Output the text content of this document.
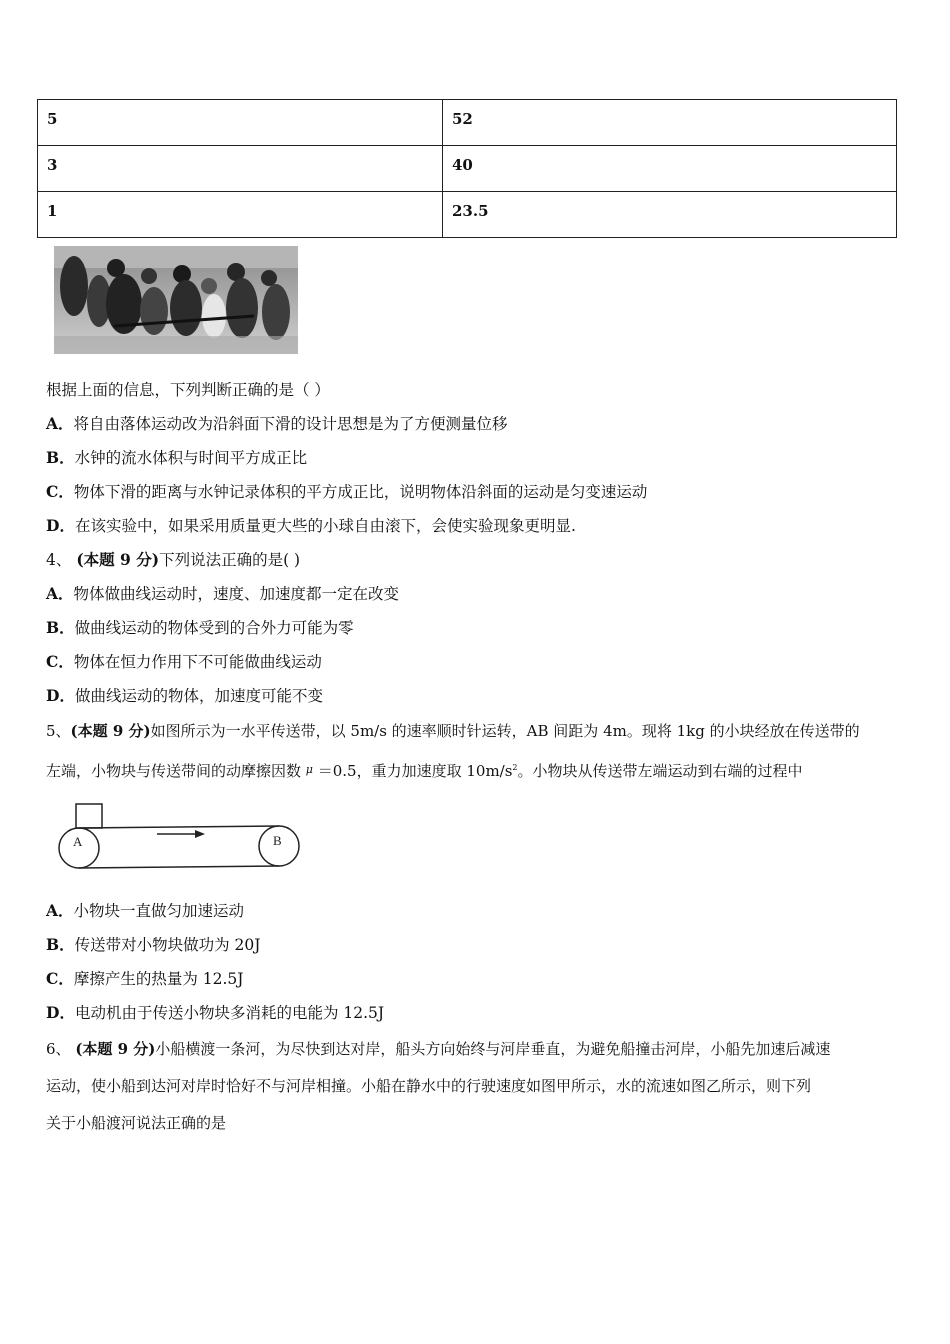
5	52
3	40
1	23.5
根据上面的信息，下列判断正确的是（ ）
A．将自由落体运动改为沿斜面下滑的设计思想是为了方便测量位移
B．水钟的流水体积与时间平方成正比
C．物体下滑的距离与水钟记录体积的平方成正比，说明物体沿斜面的运动是匀变速运动
D．在该实验中，如果采用质量更大些的小球自由滚下，会使实验现象更明显.
4、 (本题 9 分)下列说法正确的是( )
A．物体做曲线运动时，速度、加速度都一定在改变
B．做曲线运动的物体受到的合外力可能为零
C．物体在恒力作用下不可能做曲线运动
D．做曲线运动的物体，加速度可能不变
5、(本题 9 分)如图所示为一水平传送带，以 5m/s 的速率顺时针运转，AB 间距为 4m。现将 1kg 的小块经放在传送带的
左端，小物块与传送带间的动摩擦因数 $^\mu$ ＝0.5，重力加速度取 $10m/s^2$。小物块从传送带左端运动到右端的过程中
A	B
A．小物块一直做匀加速运动
B．传送带对小物块做功为 20J
C．摩擦产生的热量为 12.5J
D．电动机由于传送小物块多消耗的电能为 12.5J
6、 (本题 9 分)小船横渡一条河，为尽快到达对岸，船头方向始终与河岸垂直，为避免船撞击河岸，小船先加速后减速
运动，使小船到达河对岸时恰好不与河岸相撞。小船在静水中的行驶速度如图甲所示，水的流速如图乙所示，则下列
关于小船渡河说法正确的是
